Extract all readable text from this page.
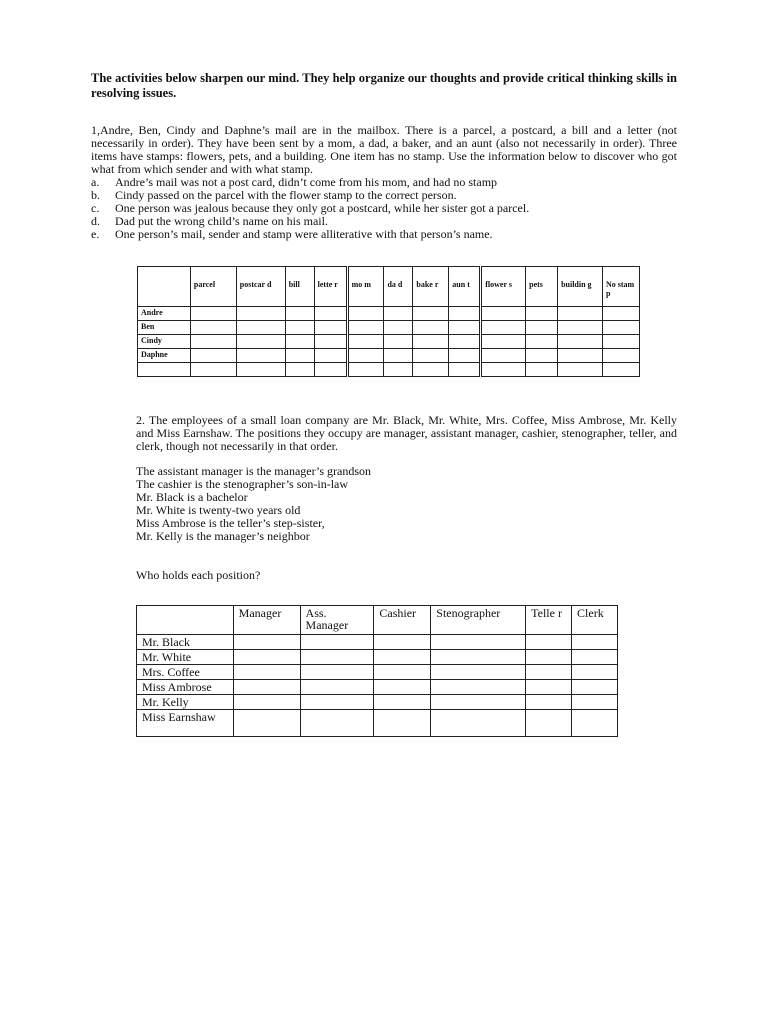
The activities below sharpen our mind. They help organize our thoughts and provide critical thinking skills in resolving issues.
1,Andre, Ben, Cindy and Daphne’s mail are in the mailbox. There is a parcel, a postcard, a bill and a letter (not necessarily in order). They have been sent by a mom, a dad, a baker, and an aunt (also not necessarily in order). Three items have stamps: flowers, pets, and a building. One item has no stamp. Use the information below to discover who got what from which sender and with what stamp.
a.	Andre’s mail was not a post card, didn’t come from his mom, and had no stamp
b.	Cindy passed on the parcel with the flower stamp to the correct person.
c.	One person was jealous because they only got a postcard, while her sister got a parcel.
d.	Dad put the wrong child’s name on his mail.
e.	One person’s mail, sender and stamp were alliterative with that person’s name.
	parcel	postcar d	bill	lette r	mo m	da d	bake r	aun t	flower s	pets	buildin g	No stam p
Andre												
Ben												
Cindy												
Daphne												

2. The employees of a small loan company are Mr. Black, Mr. White, Mrs. Coffee, Miss Ambrose, Mr. Kelly and Miss Earnshaw. The positions they occupy are manager, assistant manager, cashier, stenographer, teller, and clerk, though not necessarily in that order.
The assistant manager is the manager’s grandson
The cashier is the stenographer’s son-in-law
Mr. Black is a bachelor
Mr. White is twenty-two years old
Miss Ambrose is the teller’s step-sister,
Mr. Kelly is the manager’s neighbor
Who holds each position?
	Manager	Ass. Manager	Cashier	Stenographer	Telle r	Clerk
Mr. Black						
Mr. White						
Mrs. Coffee						
Miss Ambrose						
Mr. Kelly						
Miss Earnshaw						
